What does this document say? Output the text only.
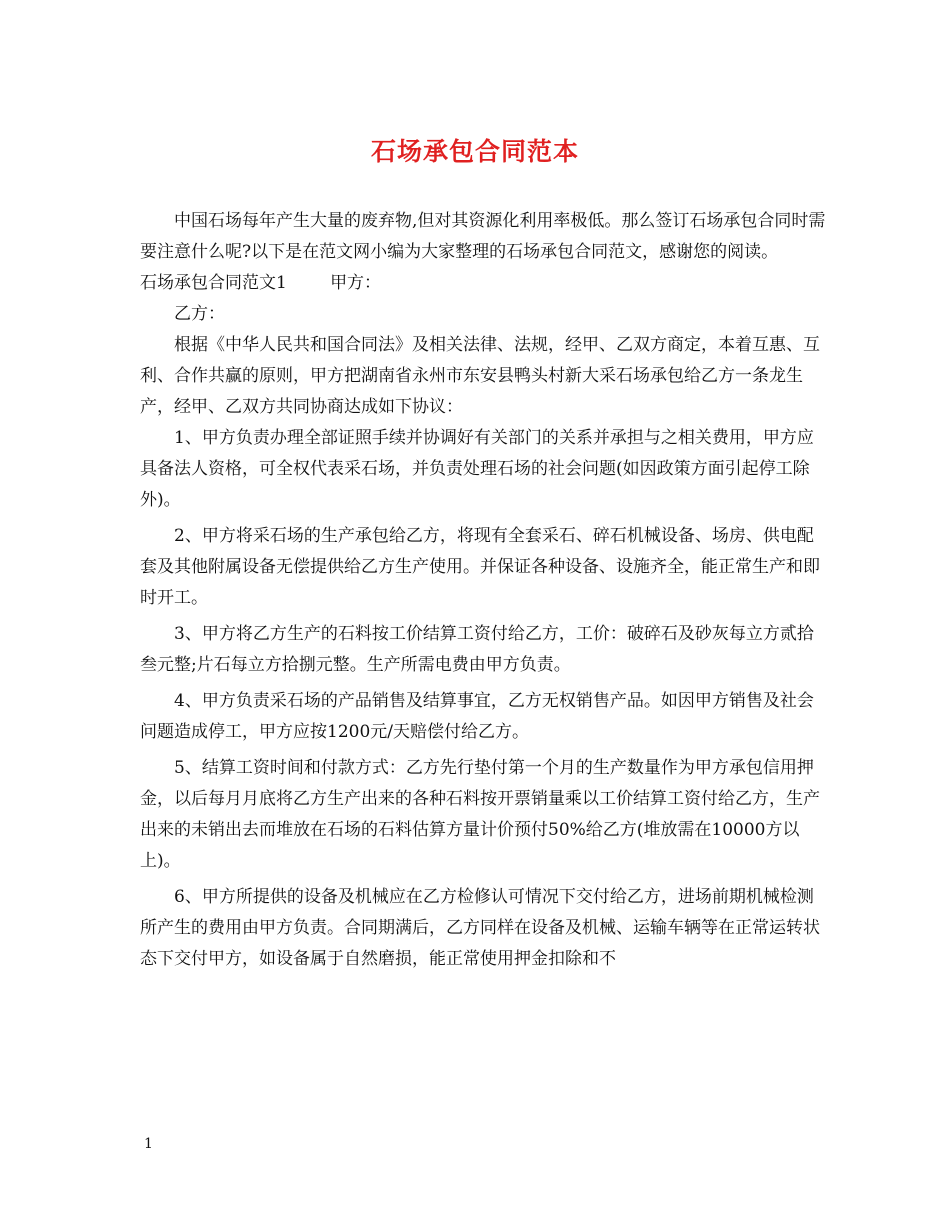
石场承包合同范本

中国石场每年产生大量的废弃物,但对其资源化利用率极低。那么签订石场承包合同时需要注意什么呢?以下是在范文网小编为大家整理的石场承包合同范文，感谢您的阅读。

石场承包合同范文1	甲方：

乙方：

根据《中华人民共和国合同法》及相关法律、法规，经甲、乙双方商定，本着互惠、互利、合作共赢的原则，甲方把湖南省永州市东安县鸭头村新大采石场承包给乙方一条龙生产，经甲、乙双方共同协商达成如下协议：

1、甲方负责办理全部证照手续并协调好有关部门的关系并承担与之相关费用，甲方应具备法人资格，可全权代表采石场，并负责处理石场的社会问题(如因政策方面引起停工除外)。

2、甲方将采石场的生产承包给乙方，将现有全套采石、碎石机械设备、场房、供电配套及其他附属设备无偿提供给乙方生产使用。并保证各种设备、设施齐全，能正常生产和即时开工。

3、甲方将乙方生产的石料按工价结算工资付给乙方，工价：破碎石及砂灰每立方贰拾叁元整;片石每立方拾捌元整。生产所需电费由甲方负责。

4、甲方负责采石场的产品销售及结算事宜，乙方无权销售产品。如因甲方销售及社会问题造成停工，甲方应按1200元/天赔偿付给乙方。

5、结算工资时间和付款方式：乙方先行垫付第一个月的生产数量作为甲方承包信用押金，以后每月月底将乙方生产出来的各种石料按开票销量乘以工价结算工资付给乙方，生产出来的未销出去而堆放在石场的石料估算方量计价预付50%给乙方(堆放需在10000方以上)。

6、甲方所提供的设备及机械应在乙方检修认可情况下交付给乙方，进场前期机械检测所产生的费用由甲方负责。合同期满后，乙方同样在设备及机械、运输车辆等在正常运转状态下交付甲方，如设备属于自然磨损，能正常使用押金扣除和不

1
